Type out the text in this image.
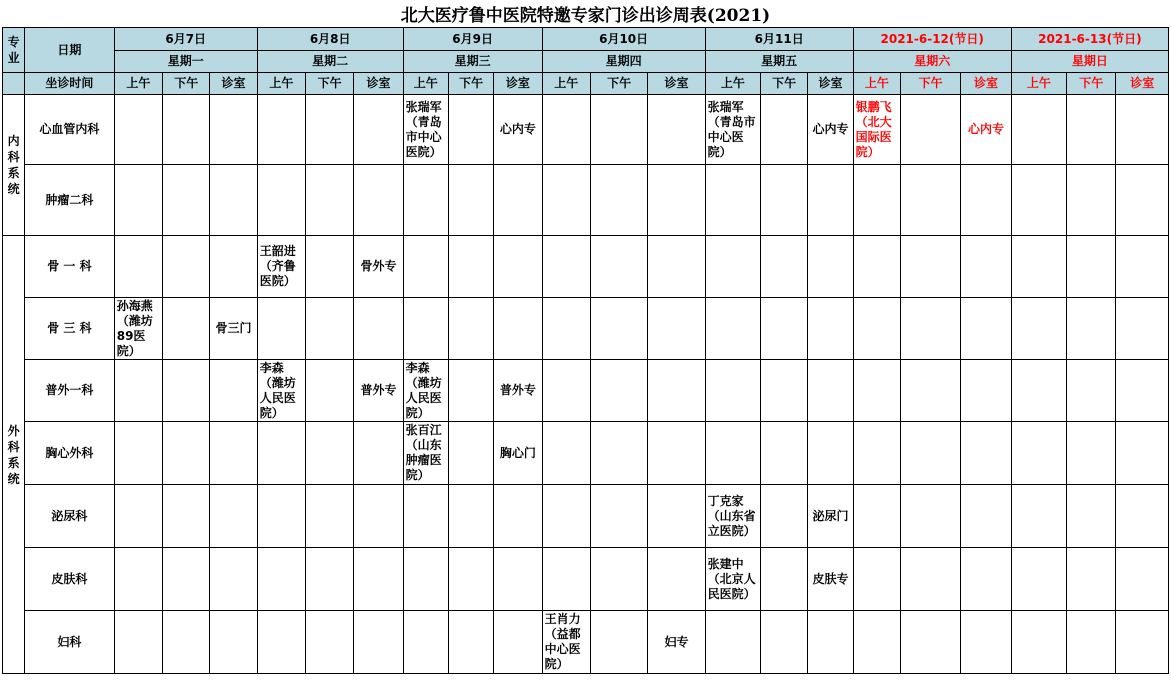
北大医疗鲁中医院特邀专家门诊出诊周表(2021)
专业	日期	6月7日			6月8日			6月9日			6月10日			6月11日			2021-6-12(节日)			2021-6-13(节日)		
		星期一			星期二			星期三			星期四			星期五			星期六			星期日		
	坐诊时间	上午	下午	诊室	上午	下午	诊室	上午	下午	诊室	上午	下午	诊室	上午	下午	诊室	上午	下午	诊室	上午	下午	诊室
内科系统	心血管内科							张瑞军（青岛市中心医院）		心内专				张瑞军（青岛市中心医院）		心内专	银鹏飞（北大国际医院）		心内专			
	肿瘤二科																					
外科系统	骨 一 科				王韶进（齐鲁医院）		骨外专															
	骨 三 科	孙海燕（潍坊89医院）		骨三门																		
	普外一科				李森（潍坊人民医院）		普外专	李森（潍坊人民医院）		普外专												
	胸心外科							张百江（山东肿瘤医院）		胸心门												
	泌尿科													丁克家（山东省立医院）		泌尿门						
	皮肤科													张建中（北京人民医院）		皮肤专						
	妇科										王肖力（益都中心医院）		妇专									
